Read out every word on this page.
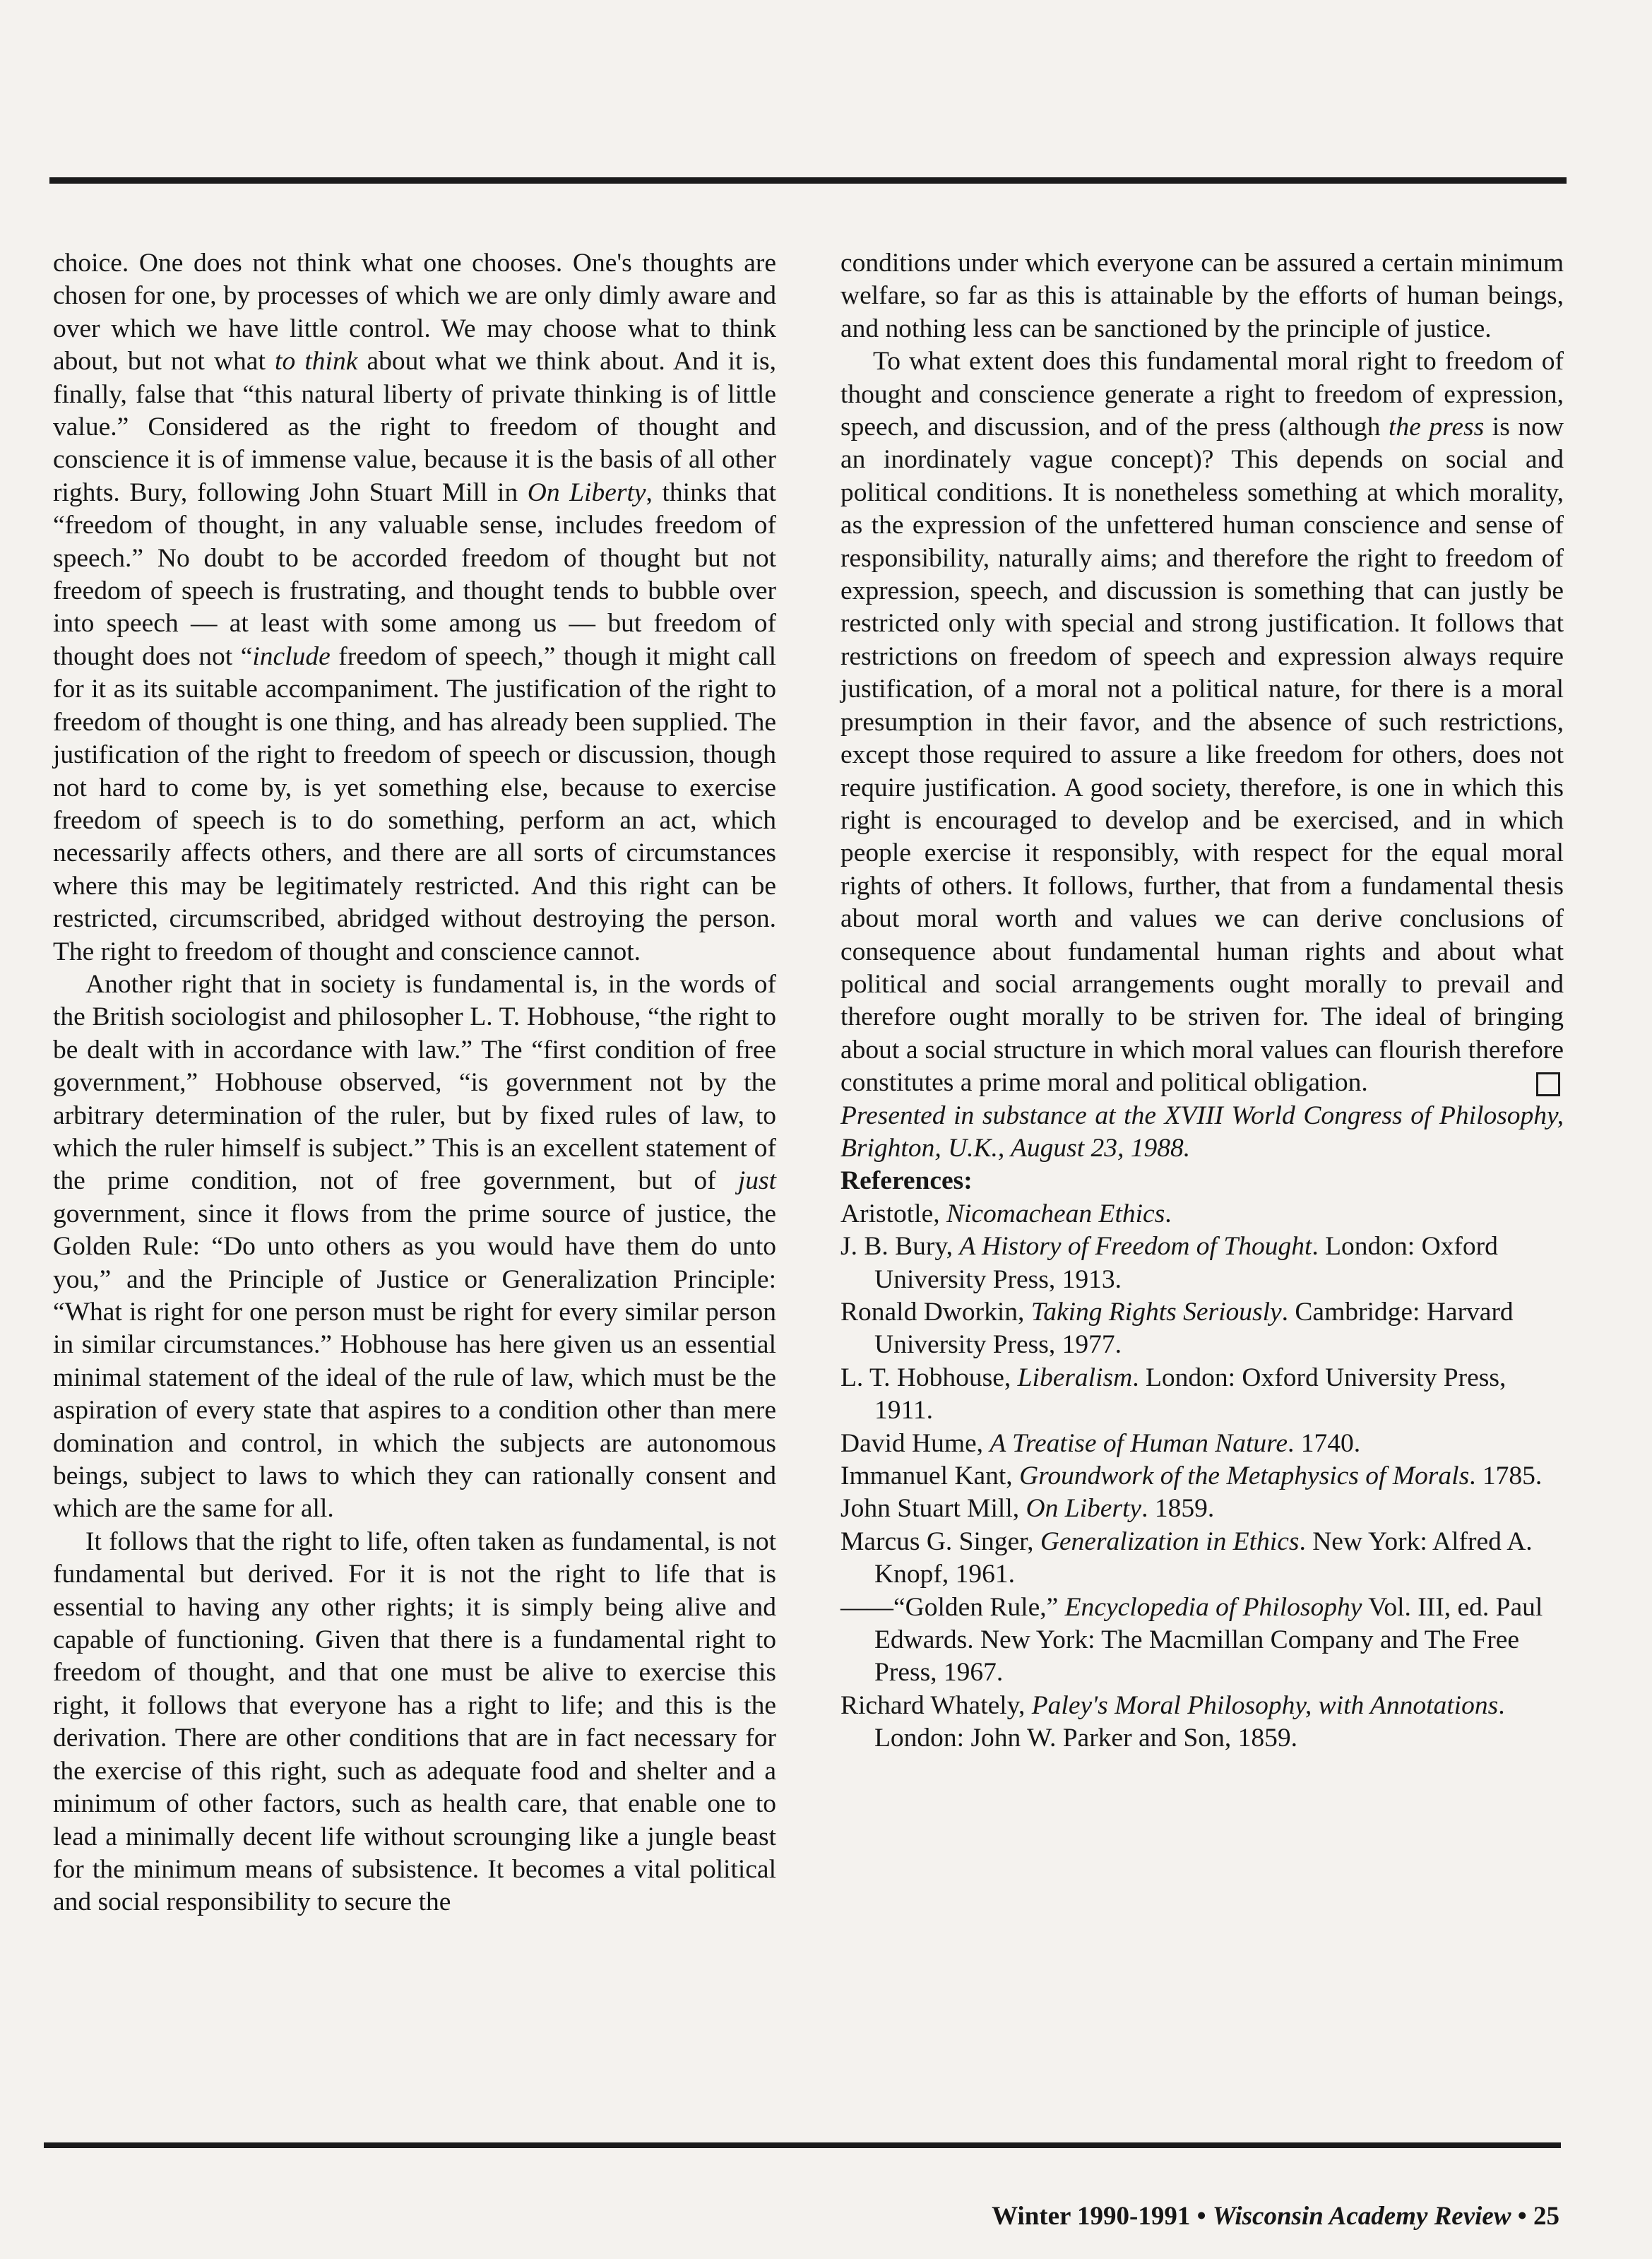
choice. One does not think what one chooses. One's thoughts are chosen for one, by processes of which we are only dimly aware and over which we have little control. We may choose what to think about, but not what to think about what we think about. And it is, finally, false that “this natural liberty of private thinking is of little value.” Considered as the right to freedom of thought and conscience it is of immense value, because it is the basis of all other rights. Bury, following John Stuart Mill in On Liberty, thinks that “freedom of thought, in any valuable sense, includes freedom of speech.” No doubt to be accorded freedom of thought but not freedom of speech is frustrating, and thought tends to bubble over into speech — at least with some among us — but freedom of thought does not “include freedom of speech,” though it might call for it as its suitable accompaniment. The justification of the right to freedom of thought is one thing, and has already been supplied. The justification of the right to freedom of speech or discussion, though not hard to come by, is yet something else, because to exercise freedom of speech is to do something, perform an act, which necessarily affects others, and there are all sorts of circumstances where this may be legitimately restricted. And this right can be restricted, circumscribed, abridged without destroying the person. The right to freedom of thought and conscience cannot.

Another right that in society is fundamental is, in the words of the British sociologist and philosopher L. T. Hobhouse, “the right to be dealt with in accordance with law.” The “first condition of free government,” Hobhouse observed, “is government not by the arbitrary determination of the ruler, but by fixed rules of law, to which the ruler himself is subject.” This is an excellent statement of the prime condition, not of free government, but of just government, since it flows from the prime source of justice, the Golden Rule: “Do unto others as you would have them do unto you,” and the Principle of Justice or Generalization Principle: “What is right for one person must be right for every similar person in similar circumstances.” Hobhouse has here given us an essential minimal statement of the ideal of the rule of law, which must be the aspiration of every state that aspires to a condition other than mere domination and control, in which the subjects are autonomous beings, subject to laws to which they can rationally consent and which are the same for all.

It follows that the right to life, often taken as fundamental, is not fundamental but derived. For it is not the right to life that is essential to having any other rights; it is simply being alive and capable of functioning. Given that there is a fundamental right to freedom of thought, and that one must be alive to exercise this right, it follows that everyone has a right to life; and this is the derivation. There are other conditions that are in fact necessary for the exercise of this right, such as adequate food and shelter and a minimum of other factors, such as health care, that enable one to lead a minimally decent life without scrounging like a jungle beast for the minimum means of subsistence. It becomes a vital political and social responsibility to secure the

conditions under which everyone can be assured a certain minimum welfare, so far as this is attainable by the efforts of human beings, and nothing less can be sanctioned by the principle of justice.

To what extent does this fundamental moral right to freedom of thought and conscience generate a right to freedom of expression, speech, and discussion, and of the press (although the press is now an inordinately vague concept)? This depends on social and political conditions. It is nonetheless something at which morality, as the expression of the unfettered human conscience and sense of responsibility, naturally aims; and therefore the right to freedom of expression, speech, and discussion is something that can justly be restricted only with special and strong justification. It follows that restrictions on freedom of speech and expression always require justification, of a moral not a political nature, for there is a moral presumption in their favor, and the absence of such restrictions, except those required to assure a like freedom for others, does not require justification. A good society, therefore, is one in which this right is encouraged to develop and be exercised, and in which people exercise it responsibly, with respect for the equal moral rights of others. It follows, further, that from a fundamental thesis about moral worth and values we can derive conclusions of consequence about fundamental human rights and about what political and social arrangements ought morally to prevail and therefore ought morally to be striven for. The ideal of bringing about a social structure in which moral values can flourish therefore constitutes a prime moral and political obligation.

Presented in substance at the XVIII World Congress of Philosophy, Brighton, U.K., August 23, 1988.

References:

Aristotle, Nicomachean Ethics.
J. B. Bury, A History of Freedom of Thought. London: Oxford University Press, 1913.
Ronald Dworkin, Taking Rights Seriously. Cambridge: Harvard University Press, 1977.
L. T. Hobhouse, Liberalism. London: Oxford University Press, 1911.
David Hume, A Treatise of Human Nature. 1740.
Immanuel Kant, Groundwork of the Metaphysics of Morals. 1785.
John Stuart Mill, On Liberty. 1859.
Marcus G. Singer, Generalization in Ethics. New York: Alfred A. Knopf, 1961.
——“Golden Rule,” Encyclopedia of Philosophy Vol. III, ed. Paul Edwards. New York: The Macmillan Company and The Free Press, 1967.
Richard Whately, Paley's Moral Philosophy, with Annotations. London: John W. Parker and Son, 1859.
Winter 1990-1991 • Wisconsin Academy Review • 25
